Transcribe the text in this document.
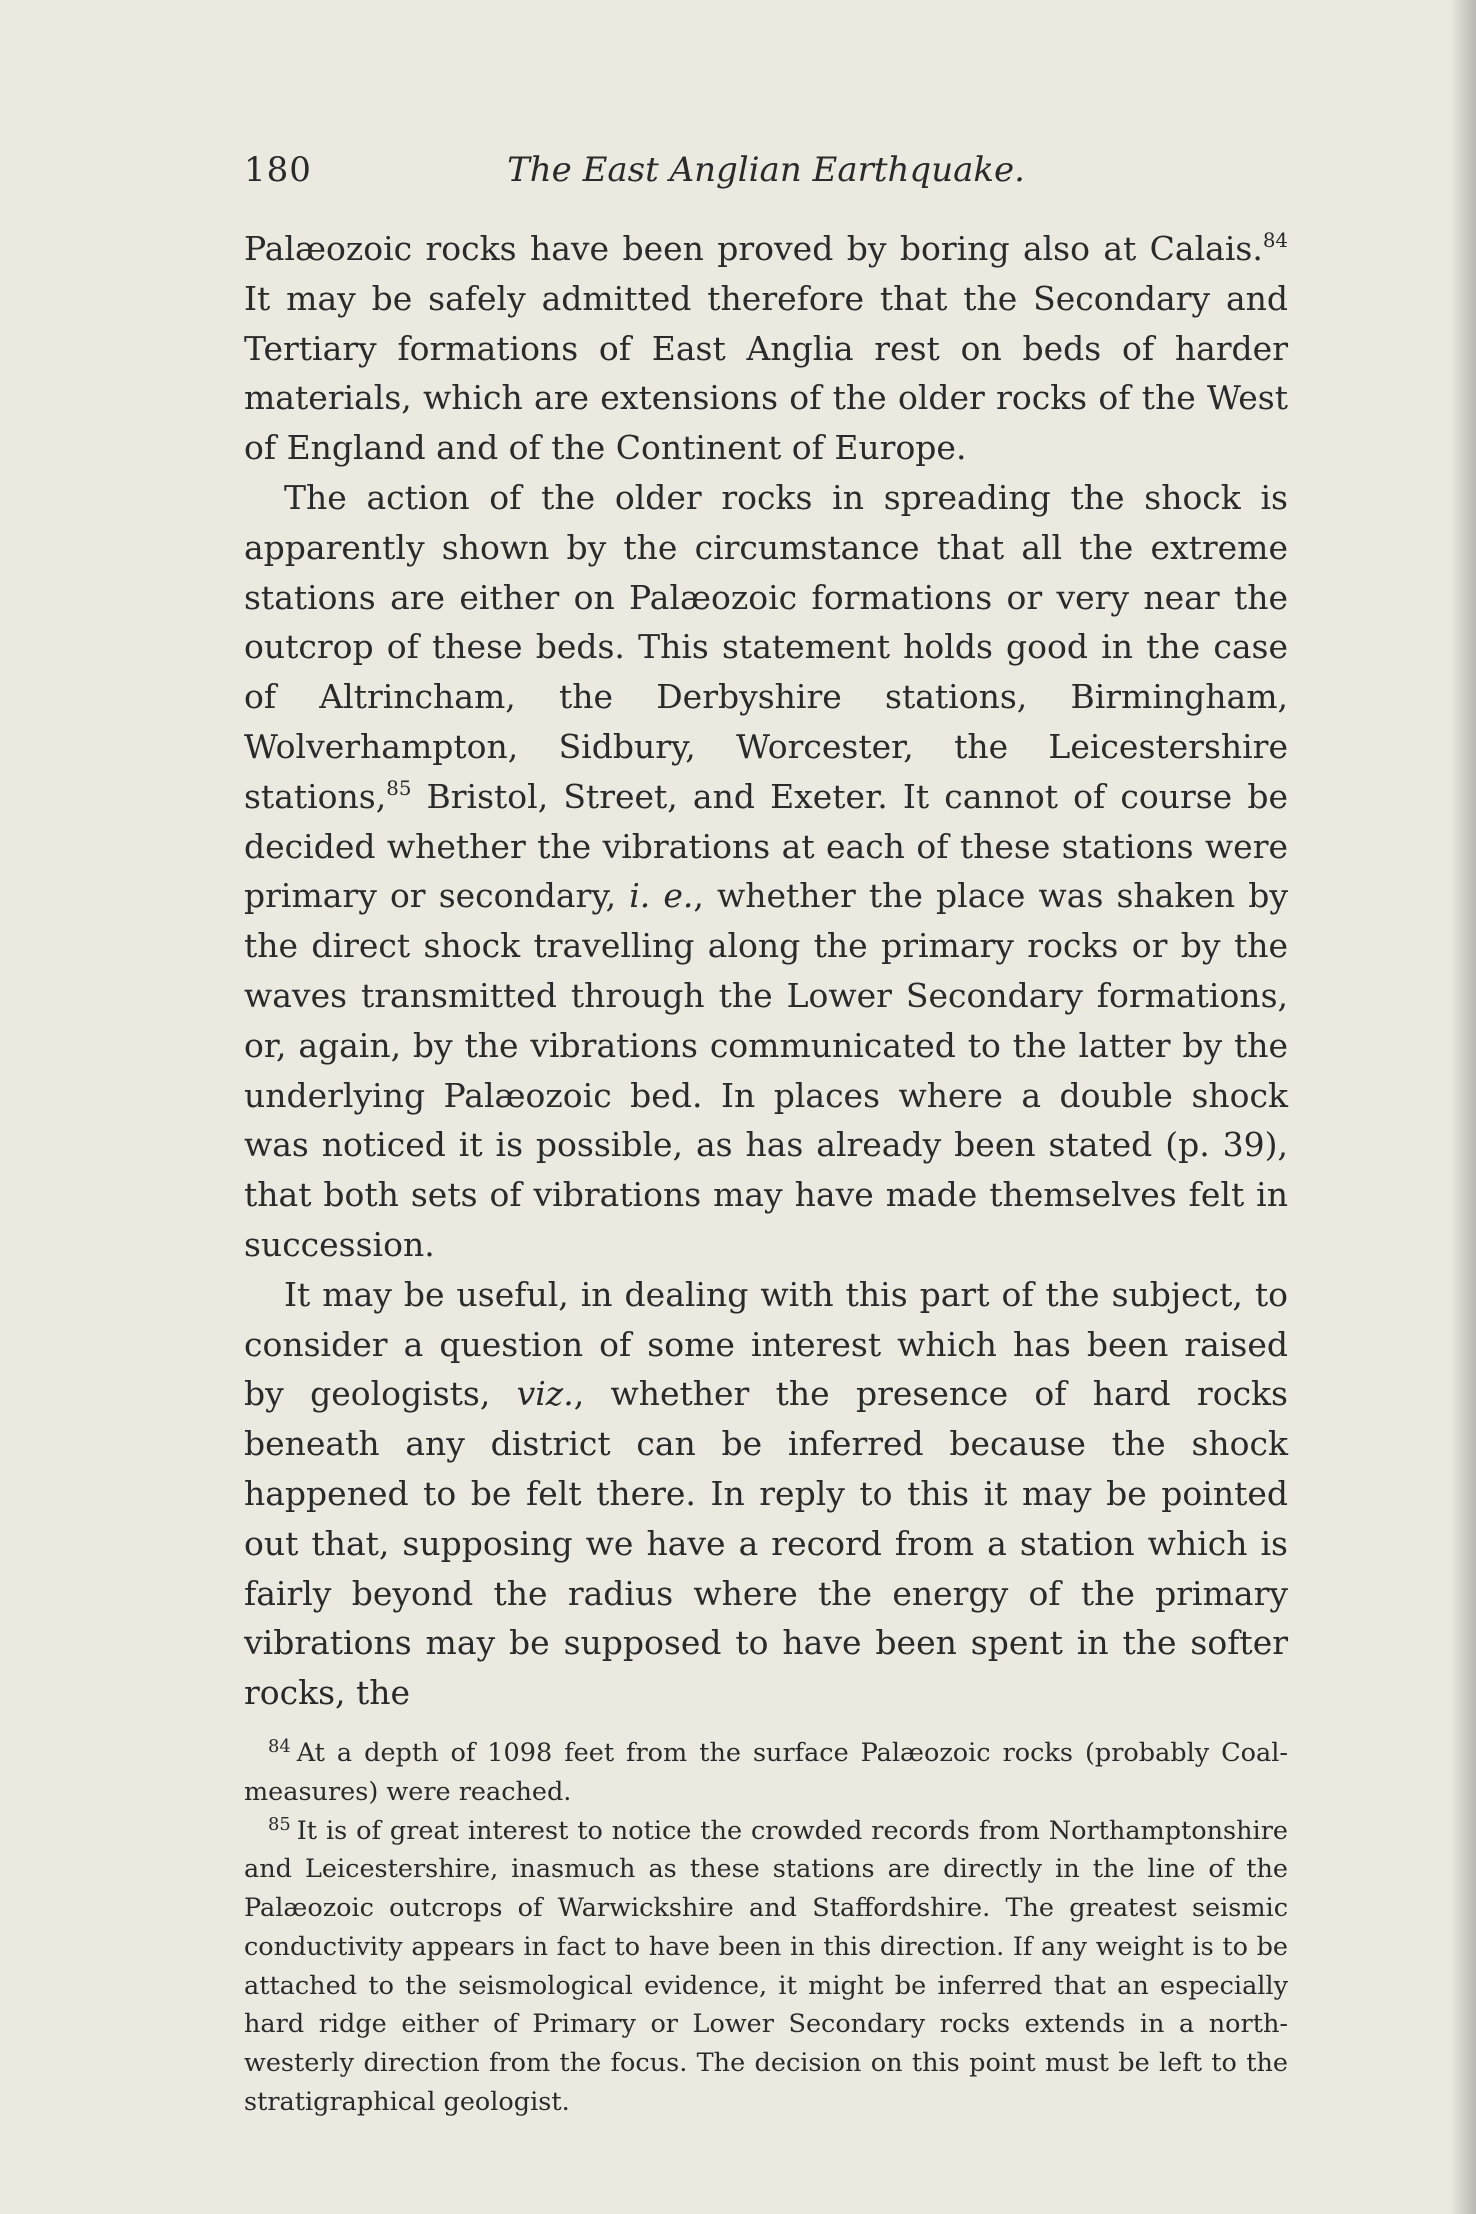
180	The East Anglian Earthquake.

Palæozoic rocks have been proved by boring also at Calais.$^{84}$ It may be safely admitted therefore that the Secondary and Tertiary formations of East Anglia rest on beds of harder materials, which are extensions of the older rocks of the West of England and of the Continent of Europe.

The action of the older rocks in spreading the shock is apparently shown by the circumstance that all the extreme stations are either on Palæozoic formations or very near the outcrop of these beds. This statement holds good in the case of Altrincham, the Derbyshire stations, Birmingham, Wolverhampton, Sidbury, Worcester, the Leicestershire stations,$^{85}$ Bristol, Street, and Exeter. It cannot of course be decided whether the vibrations at each of these stations were primary or secondary, i. e., whether the place was shaken by the direct shock travelling along the primary rocks or by the waves transmitted through the Lower Secondary formations, or, again, by the vibrations communicated to the latter by the underlying Palæozoic bed. In places where a double shock was noticed it is possible, as has already been stated (p. 39), that both sets of vibrations may have made themselves felt in succession.

It may be useful, in dealing with this part of the subject, to consider a question of some interest which has been raised by geologists, viz., whether the presence of hard rocks beneath any district can be inferred because the shock happened to be felt there. In reply to this it may be pointed out that, supposing we have a record from a station which is fairly beyond the radius where the energy of the primary vibrations may be supposed to have been spent in the softer rocks, the

$^{84}$ At a depth of 1098 feet from the surface Palæozoic rocks (probably Coal-measures) were reached.

$^{85}$ It is of great interest to notice the crowded records from Northamptonshire and Leicestershire, inasmuch as these stations are directly in the line of the Palæozoic outcrops of Warwickshire and Staffordshire. The greatest seismic conductivity appears in fact to have been in this direction. If any weight is to be attached to the seismological evidence, it might be inferred that an especially hard ridge either of Primary or Lower Secondary rocks extends in a north-westerly direction from the focus. The decision on this point must be left to the stratigraphical geologist.
